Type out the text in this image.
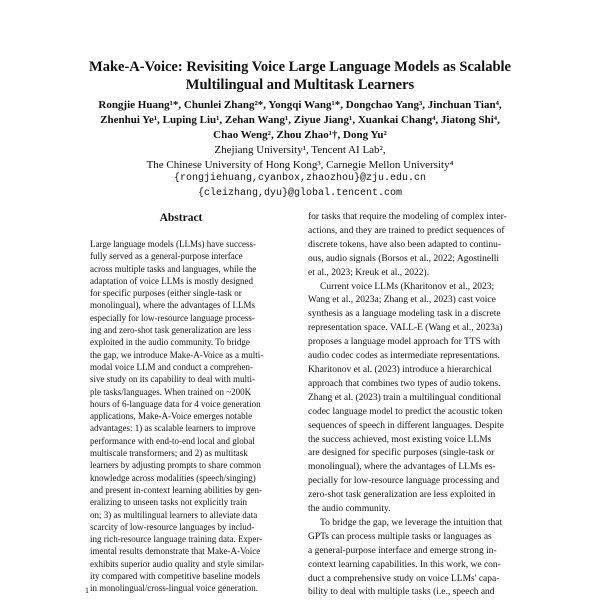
Make-A-Voice: Revisiting Voice Large Language Models as Scalable
Multilingual and Multitask Learners
Rongjie Huang¹*, Chunlei Zhang²*, Yongqi Wang¹*, Dongchao Yang³, Jinchuan Tian⁴,
Zhenhui Ye¹, Luping Liu¹, Zehan Wang¹, Ziyue Jiang¹, Xuankai Chang⁴, Jiatong Shi⁴,
Chao Weng², Zhou Zhao¹†, Dong Yu²
Zhejiang University¹, Tencent AI Lab²,
The Chinese University of Hong Kong³, Carnegie Mellon University⁴
{rongjiehuang,cyanbox,zhaozhou}@zju.edu.cn
{cleizhang,dyu}@global.tencent.com
Abstract
Large language models (LLMs) have success-
fully served as a general-purpose interface
across multiple tasks and languages, while the
adaptation of voice LLMs is mostly designed
for specific purposes (either single-task or
monolingual), where the advantages of LLMs
especially for low-resource language process-
ing and zero-shot task generalization are less
exploited in the audio community. To bridge
the gap, we introduce Make-A-Voice as a multi-
modal voice LLM and conduct a comprehen-
sive study on its capability to deal with multi-
ple tasks/languages. When trained on ~200K
hours of 6-language data for 4 voice generation
applications, Make-A-Voice emerges notable
advantages: 1) as scalable learners to improve
performance with end-to-end local and global
multiscale transformers; and 2) as multitask
learners by adjusting prompts to share common
knowledge across modalities (speech/singing)
and present in-context learning abilities by gen-
eralizing to unseen tasks not explicitly train
on; 3) as multilingual learners to alleviate data
scarcity of low-resource languages by includ-
ing rich-resource language training data. Exper-
imental results demonstrate that Make-A-Voice
exhibits superior audio quality and style similar-
ity compared with competitive baseline models
in monolingual/cross-lingual voice generation.
for tasks that require the modeling of complex inter-
actions, and they are trained to predict sequences of
discrete tokens, have also been adapted to continu-
ous, audio signals (Borsos et al., 2022; Agostinelli
et al., 2023; Kreuk et al., 2022).
Current voice LLMs (Kharitonov et al., 2023;
Wang et al., 2023a; Zhang et al., 2023) cast voice
synthesis as a language modeling task in a discrete
representation space. VALL-E (Wang et al., 2023a)
proposes a language model approach for TTS with
audio codec codes as intermediate representations.
Kharitonov et al. (2023) introduce a hierarchical
approach that combines two types of audio tokens.
Zhang et al. (2023) train a multilingual conditional
codec language model to predict the acoustic token
sequences of speech in different languages. Despite
the success achieved, most existing voice LLMs
are designed for specific purposes (single-task or
monolingual), where the advantages of LLMs es-
pecially for low-resource language processing and
zero-shot task generalization are less exploited in
the audio community.
To bridge the gap, we leverage the intuition that
GPTs can process multiple tasks or languages as
a general-purpose interface and emerge strong in-
context learning capabilities. In this work, we con-
duct a comprehensive study on voice LLMs' capa-
bility to deal with multiple tasks (i.e., speech and
1
